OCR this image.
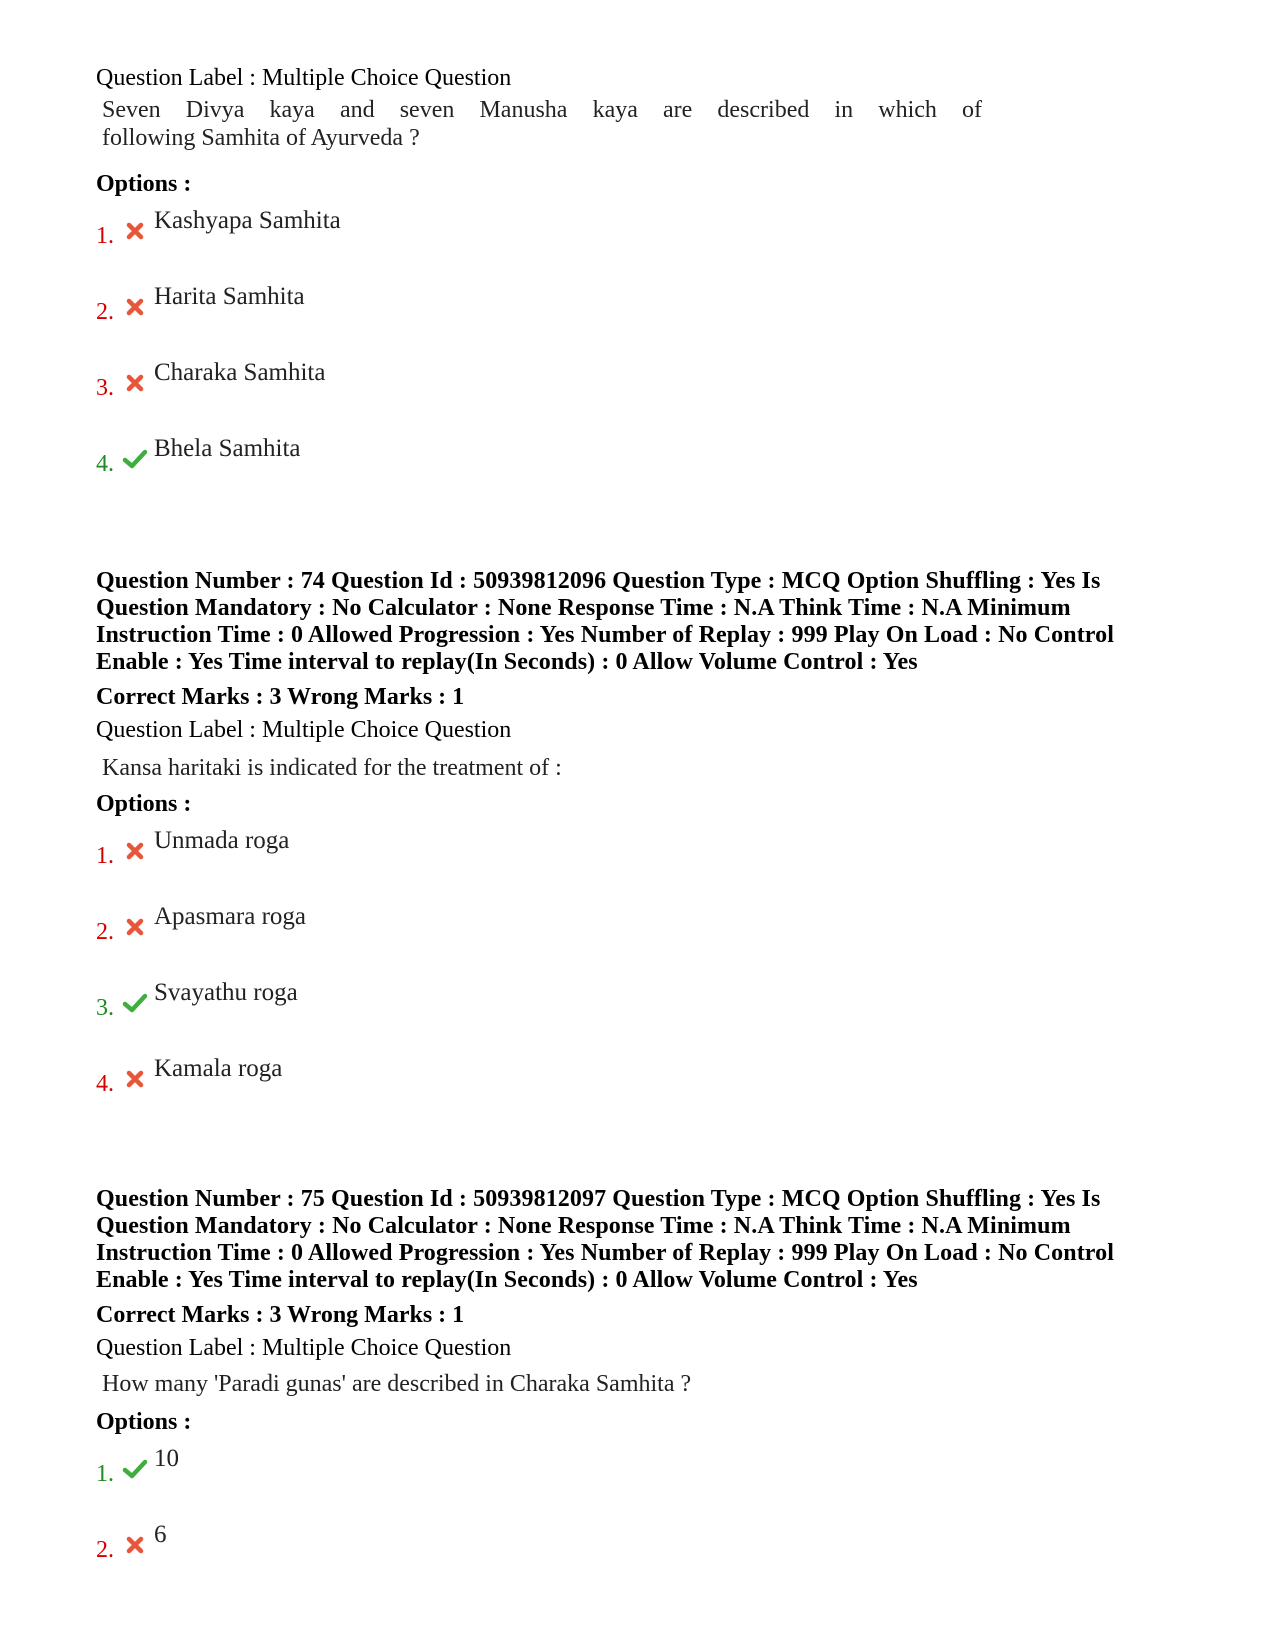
Question Label : Multiple Choice Question

Seven Divya kaya and seven Manusha kaya are described in which of

following Samhita of Ayurveda ?

Options :

1.
Kashyapa Samhita
2.
Harita Samhita
3.
Charaka Samhita
4.
Bhela Samhita
Question Number : 74 Question Id : 50939812096 Question Type : MCQ Option Shuffling : Yes Is
Question Mandatory : No Calculator : None Response Time : N.A Think Time : N.A Minimum
Instruction Time : 0 Allowed Progression : Yes Number of Replay : 999 Play On Load : No Control
Enable : Yes Time interval to replay(In Seconds) : 0 Allow Volume Control : Yes

Correct Marks : 3 Wrong Marks : 1

Question Label : Multiple Choice Question

Kansa haritaki is indicated for the treatment of :

Options :

1.
Unmada roga
2.
Apasmara roga
3.
Svayathu roga
4.
Kamala roga
Question Number : 75 Question Id : 50939812097 Question Type : MCQ Option Shuffling : Yes Is
Question Mandatory : No Calculator : None Response Time : N.A Think Time : N.A Minimum
Instruction Time : 0 Allowed Progression : Yes Number of Replay : 999 Play On Load : No Control
Enable : Yes Time interval to replay(In Seconds) : 0 Allow Volume Control : Yes

Correct Marks : 3 Wrong Marks : 1

Question Label : Multiple Choice Question

How many 'Paradi gunas' are described in Charaka Samhita ?

Options :

1.
10
2.
6
